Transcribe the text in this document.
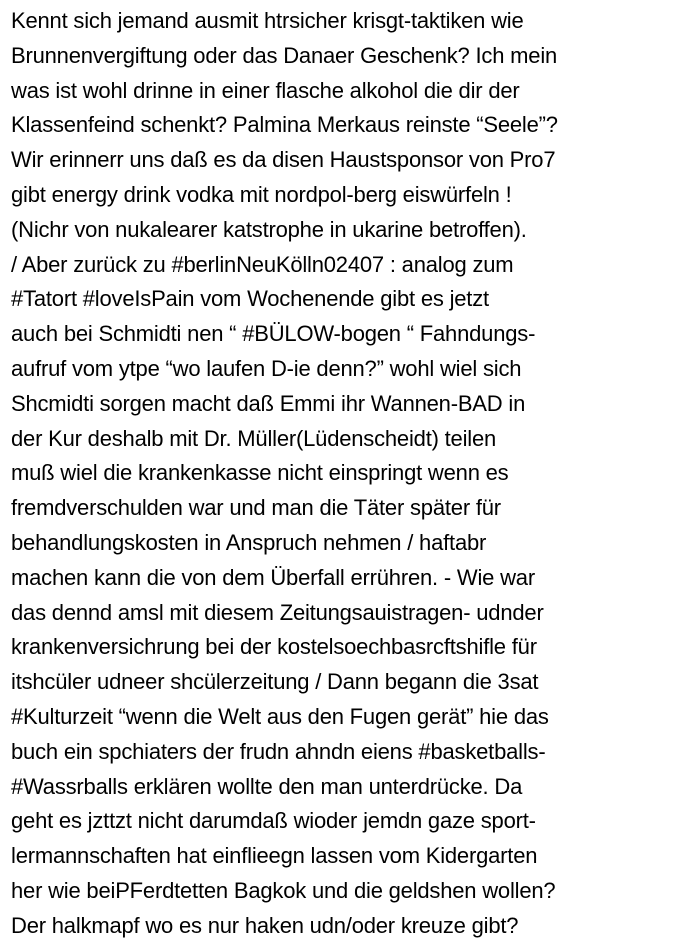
Kennt sich jemand ausmit htrsicher krisgt-taktiken wie
Brunnenvergiftung oder das Danaer Geschenk? Ich mein
was ist wohl drinne in einer flasche alkohol die dir der
Klassenfeind schenkt? Palmina Merkaus reinste “Seele”?
Wir erinnerr uns daß es da disen Haustsponsor von Pro7
gibt energy drink vodka mit nordpol-berg eiswürfeln !
(Nichr von nukalearer katstrophe in ukarine betroffen).
/ Aber zurück zu #berlinNeuKölln02407 : analog zum
#Tatort #loveIsPain vom Wochenende gibt es jetzt
auch bei Schmidti nen “ #BÜLOW-bogen “ Fahndungs-
aufruf vom ytpe “wo laufen D-ie denn?” wohl wiel sich
Shcmidti sorgen macht daß Emmi ihr Wannen-BAD in
der Kur deshalb mit Dr. Müller(Lüdenscheidt) teilen
muß wiel die krankenkasse nicht einspringt wenn es
fremdverschulden war und man die Täter später für
behandlungskosten in Anspruch nehmen / haftabr
machen kann die von dem Überfall errühren. - Wie war
das dennd amsl mit diesem Zeitungsauistragen- udnder
krankenversichrung bei der kostelsoechbasrcftshifle für
itshcüler udneer shcülerzeitung / Dann begann die 3sat
#Kulturzeit “wenn die Welt aus den Fugen gerät” hie das
buch ein spchiaters der frudn ahndn eiens #basketballs-
#Wassrballs erklären wollte den man unterdrücke. Da
geht es jzttzt nicht darumdaß wioder jemdn gaze sport-
lermannschaften hat einflieegn lassen vom Kidergarten
her wie beiPFerdtetten Bagkok und die geldshen wollen?
Der halkmapf wo es nur haken udn/oder kreuze gibt?
